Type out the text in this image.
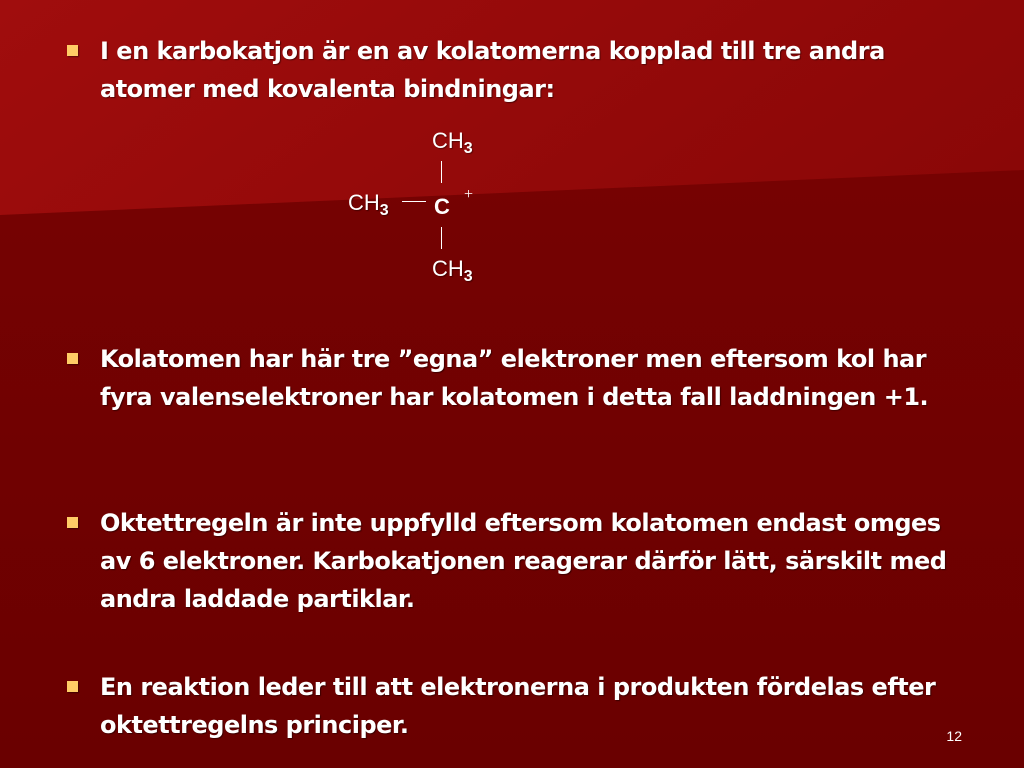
I en karbokatjon är en av kolatomerna kopplad till tre andra atomer med kovalenta bindningar:
$CH_3$
$CH_3$ C +
$CH_3$
Kolatomen har här tre ”egna” elektroner men eftersom kol har fyra valenselektroner har kolatomen i detta fall laddningen +1.
Oktettregeln är inte uppfylld eftersom kolatomen endast omges av 6 elektroner. Karbokatjonen reagerar därför lätt, särskilt med andra laddade partiklar.
En reaktion leder till att elektronerna i produkten fördelas efter oktettregelns principer.	12
